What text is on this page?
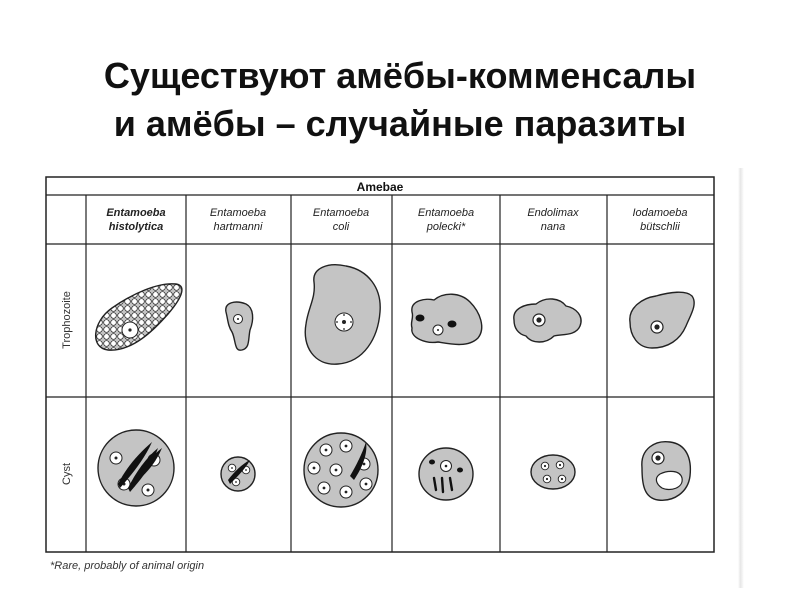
Существуют амёбы-комменсалы
и амёбы – случайные паразиты
Amebae
Entamoeba
histolytica
Entamoeba
hartmanni
Entamoeba
coli
Entamoeba
polecki*
Endolimax
nana
Iodamoeba
bütschlii
Trophozoite
Cyst
*Rare, probably of animal origin
